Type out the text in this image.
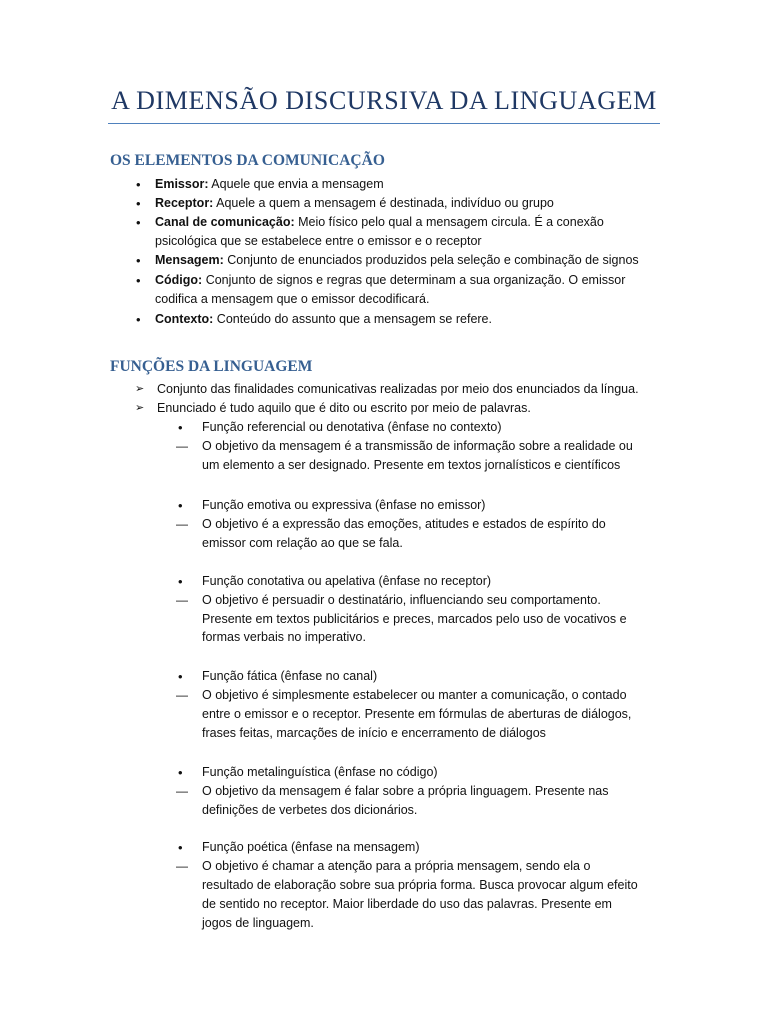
A DIMENSÃO DISCURSIVA DA LINGUAGEM
OS ELEMENTOS DA COMUNICAÇÃO
• Emissor: Aquele que envia a mensagem
• Receptor: Aquele a quem a mensagem é destinada, indivíduo ou grupo
• Canal de comunicação: Meio físico pelo qual a mensagem circula. É a conexão
psicológica que se estabelece entre o emissor e o receptor
• Mensagem: Conjunto de enunciados produzidos pela seleção e combinação de signos
• Código: Conjunto de signos e regras que determinam a sua organização. O emissor
codifica a mensagem que o emissor decodificará.
• Contexto: Conteúdo do assunto que a mensagem se refere.
FUNÇÕES DA LINGUAGEM
➢ Conjunto das finalidades comunicativas realizadas por meio dos enunciados da língua.
➢ Enunciado é tudo aquilo que é dito ou escrito por meio de palavras.
• Função referencial ou denotativa (ênfase no contexto)
― O objetivo da mensagem é a transmissão de informação sobre a realidade ou
um elemento a ser designado. Presente em textos jornalísticos e científicos
• Função emotiva ou expressiva (ênfase no emissor)
― O objetivo é a expressão das emoções, atitudes e estados de espírito do
emissor com relação ao que se fala.
• Função conotativa ou apelativa (ênfase no receptor)
― O objetivo é persuadir o destinatário, influenciando seu comportamento.
Presente em textos publicitários e preces, marcados pelo uso de vocativos e
formas verbais no imperativo.
• Função fática (ênfase no canal)
― O objetivo é simplesmente estabelecer ou manter a comunicação, o contado
entre o emissor e o receptor. Presente em fórmulas de aberturas de diálogos,
frases feitas, marcações de início e encerramento de diálogos
• Função metalinguística (ênfase no código)
― O objetivo da mensagem é falar sobre a própria linguagem. Presente nas
definições de verbetes dos dicionários.
• Função poética (ênfase na mensagem)
― O objetivo é chamar a atenção para a própria mensagem, sendo ela o
resultado de elaboração sobre sua própria forma. Busca provocar algum efeito
de sentido no receptor. Maior liberdade do uso das palavras. Presente em
jogos de linguagem.
